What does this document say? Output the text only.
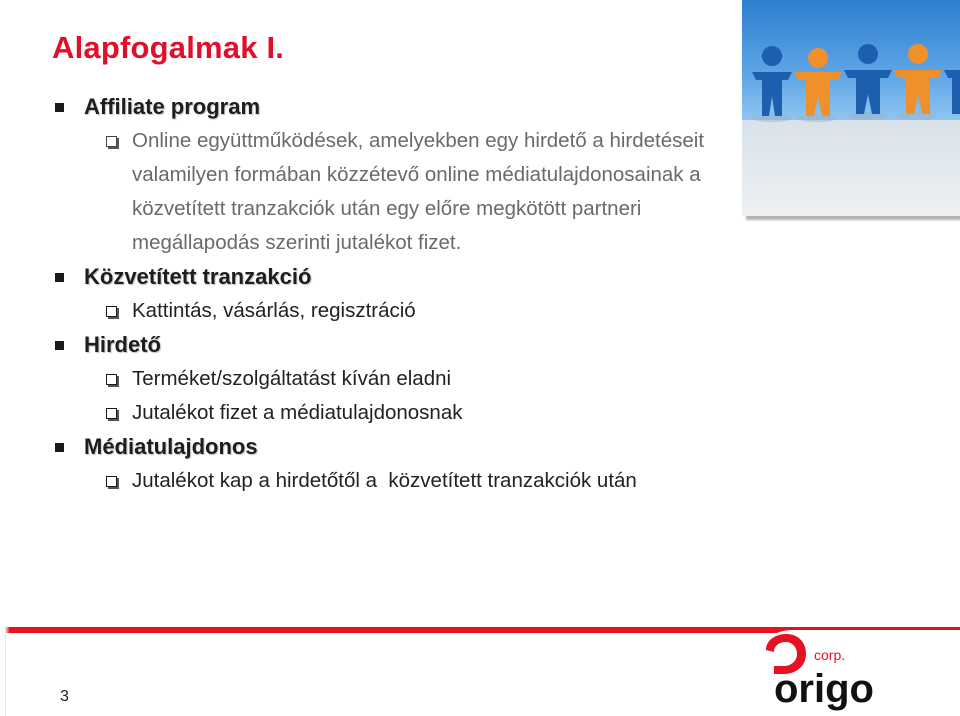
Alapfogalmak I.
Affiliate program
Online együttműködések, amelyekben egy hirdető a hirdetéseit valamilyen formában közzétevő online médiatulajdonosainak a közvetített tranzakciók után egy előre megkötött partneri megállapodás szerinti jutalékot fizet.
Közvetített tranzakció
Kattintás, vásárlás, regisztráció
Hirdető
Terméket/szolgáltatást kíván eladni
Jutalékot fizet a médiatulajdonosnak
Médiatulajdonos
Jutalékot kap a hirdetőtől a  közvetített tranzakciók után
3
corp.
origo
